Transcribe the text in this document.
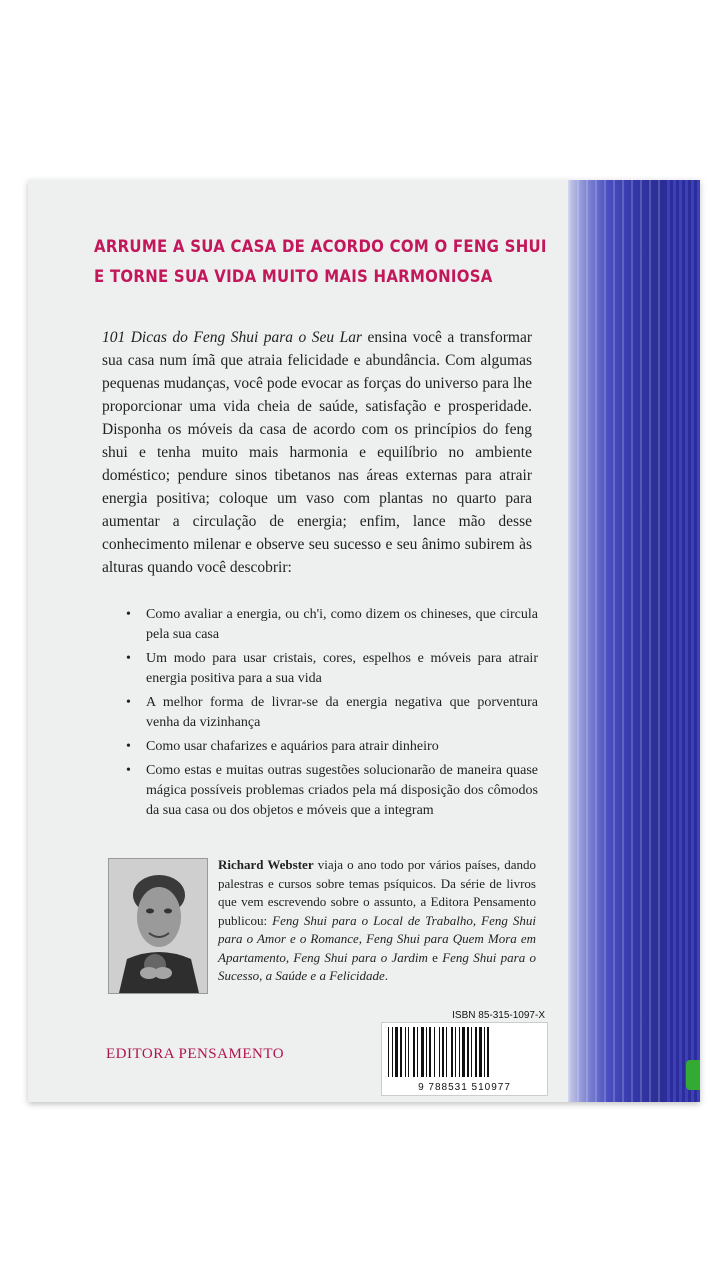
ARRUME A SUA CASA DE ACORDO COM O FENG SHUI
E TORNE SUA VIDA MUITO MAIS HARMONIOSA
101 Dicas do Feng Shui para o Seu Lar ensina você a transformar sua casa num ímã que atraia felicidade e abundância. Com algumas pequenas mudanças, você pode evocar as forças do universo para lhe proporcionar uma vida cheia de saúde, satisfação e prosperidade. Disponha os móveis da casa de acordo com os princípios do feng shui e tenha muito mais harmonia e equilíbrio no ambiente doméstico; pendure sinos tibetanos nas áreas externas para atrair energia positiva; coloque um vaso com plantas no quarto para aumentar a circulação de energia; enfim, lance mão desse conhecimento milenar e observe seu sucesso e seu ânimo subirem às alturas quando você descobrir:
• Como avaliar a energia, ou ch'i, como dizem os chineses, que circula pela sua casa
• Um modo para usar cristais, cores, espelhos e móveis para atrair energia positiva para a sua vida
• A melhor forma de livrar-se da energia negativa que porventura venha da vizinhança
• Como usar chafarizes e aquários para atrair dinheiro
• Como estas e muitas outras sugestões solucionarão de maneira quase mágica possíveis problemas criados pela má disposição dos cômodos da sua casa ou dos objetos e móveis que a integram
Richard Webster viaja o ano todo por vários países, dando palestras e cursos sobre temas psíquicos. Da série de livros que vem escrevendo sobre o assunto, a Editora Pensamento publicou: Feng Shui para o Local de Trabalho, Feng Shui para o Amor e o Romance, Feng Shui para Quem Mora em Apartamento, Feng Shui para o Jardim e Feng Shui para o Sucesso, a Saúde e a Felicidade.
EDITORA PENSAMENTO
ISBN 85-315-1097-X
9 788531 510977
